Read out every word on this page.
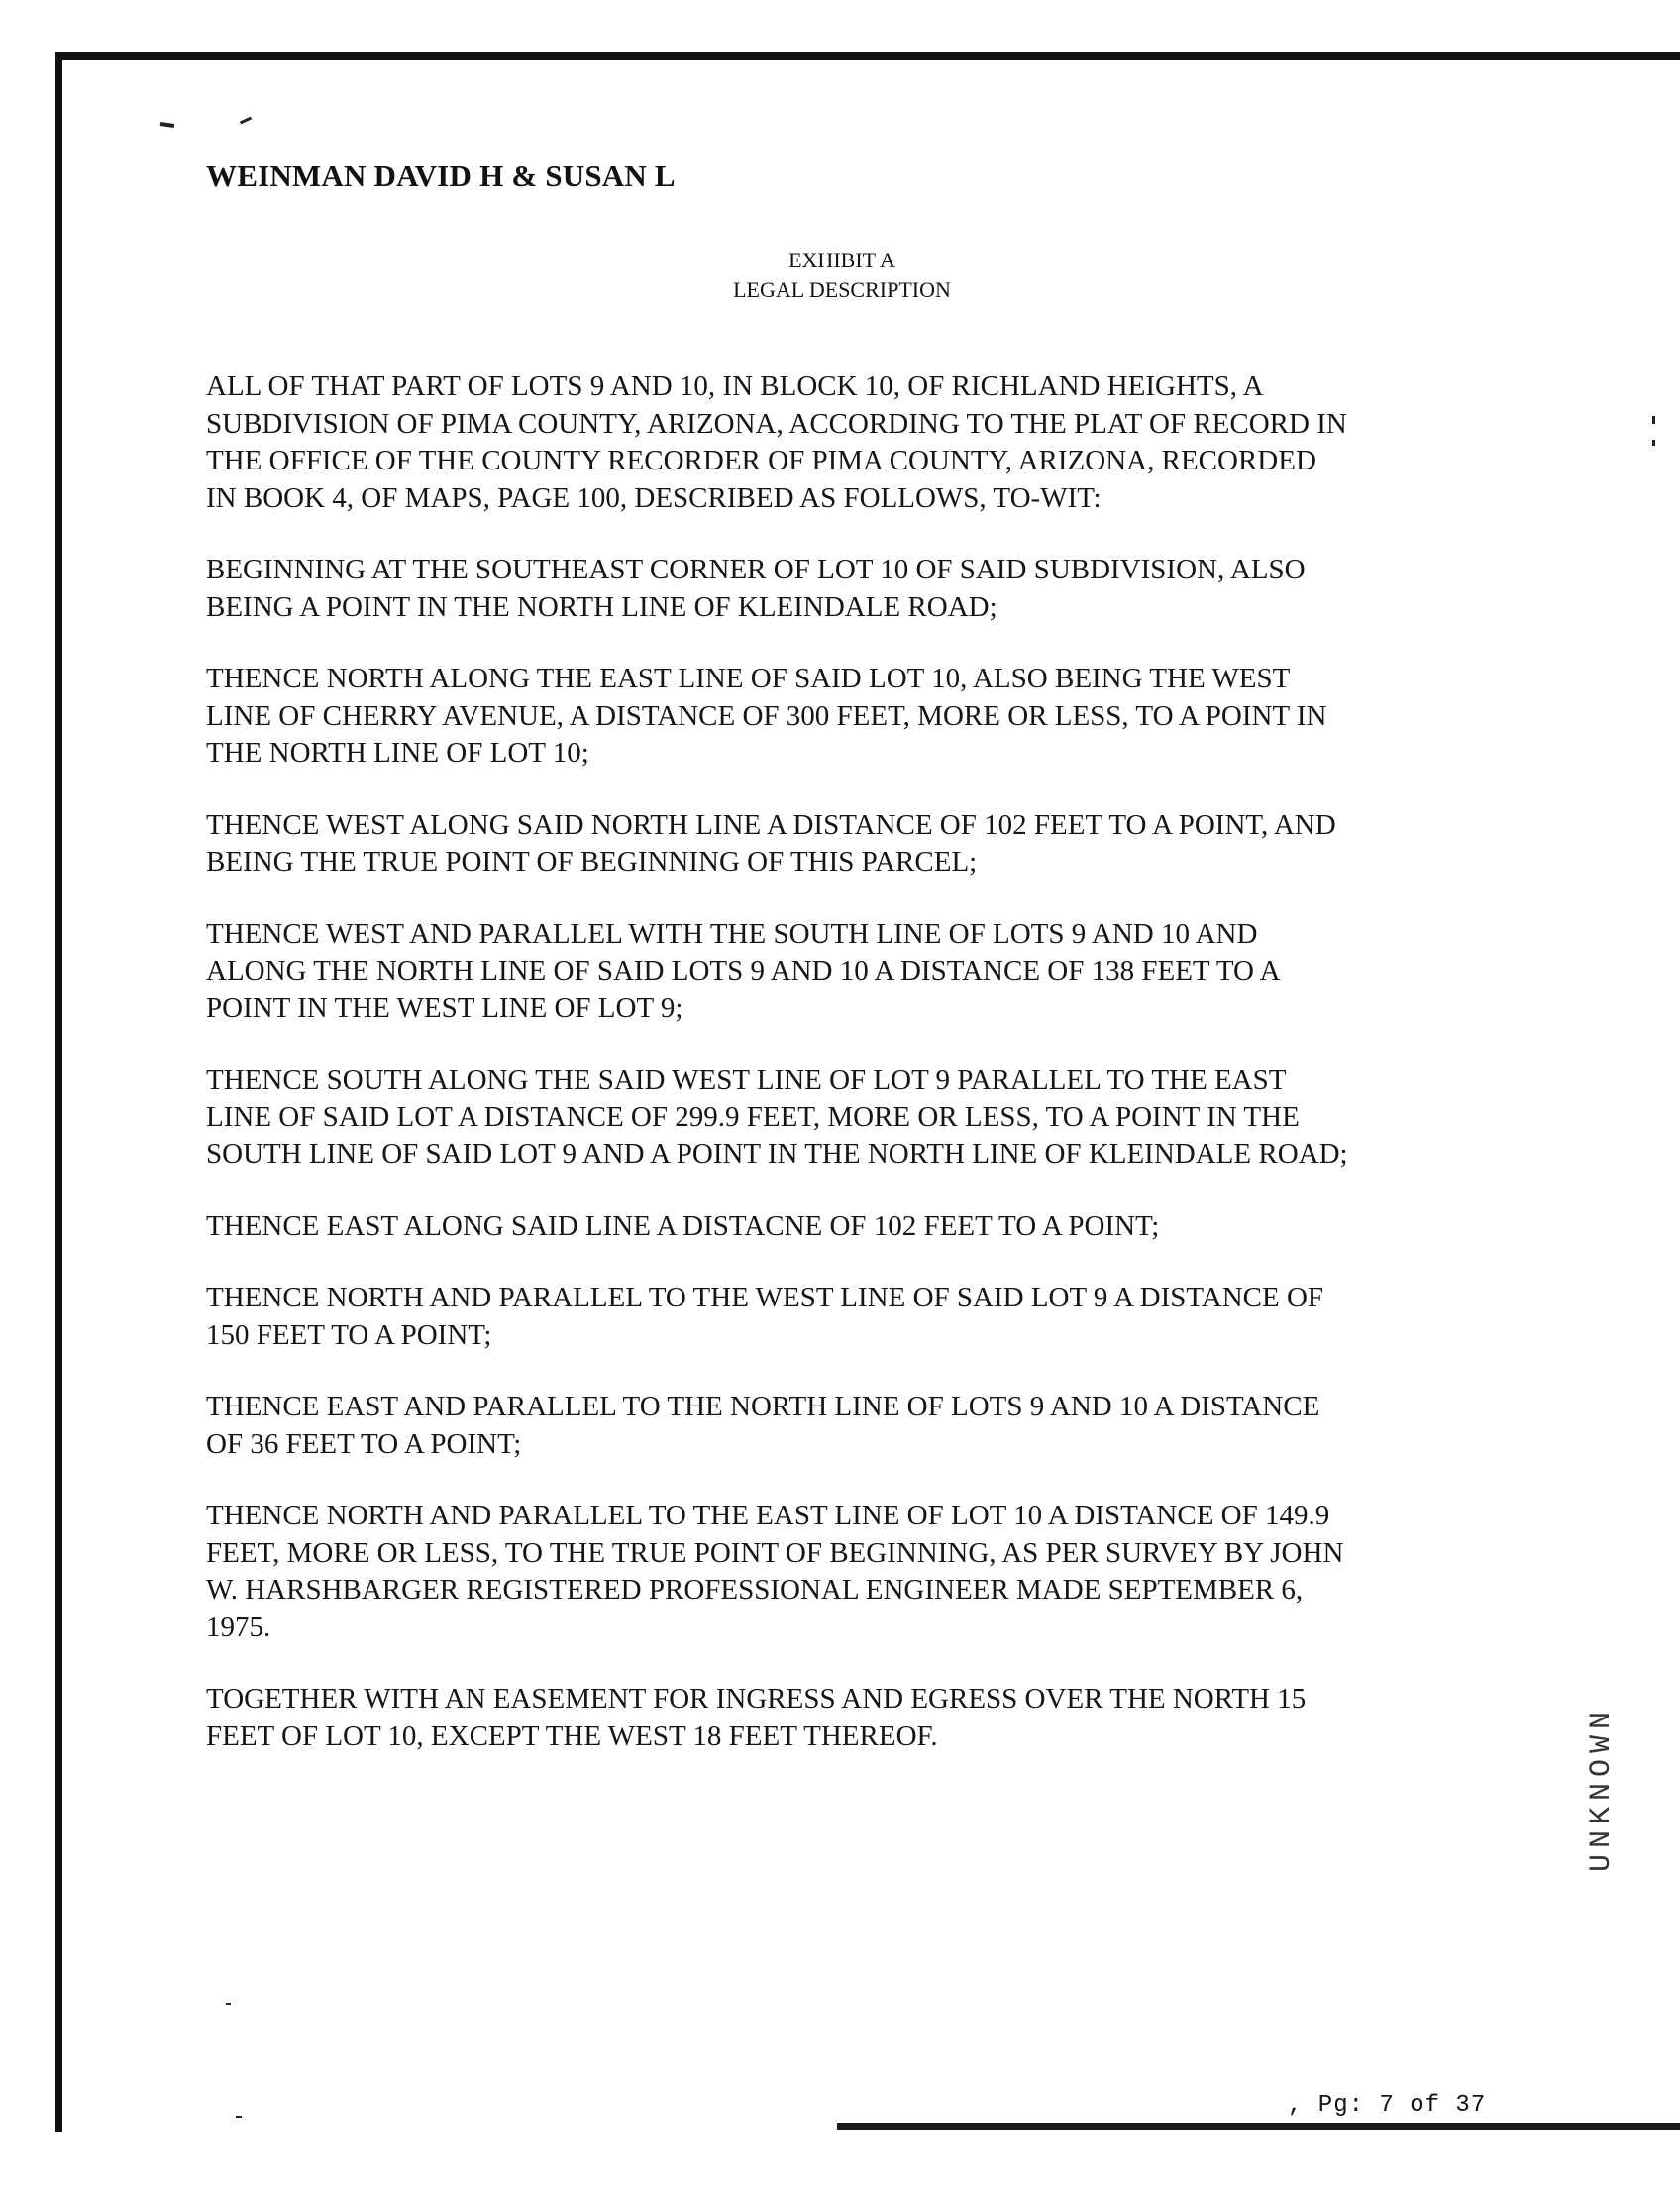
WEINMAN DAVID H & SUSAN L
EXHIBIT A
LEGAL DESCRIPTION

ALL OF THAT PART OF LOTS 9 AND 10, IN BLOCK 10, OF RICHLAND HEIGHTS, A
SUBDIVISION OF PIMA COUNTY, ARIZONA, ACCORDING TO THE PLAT OF RECORD IN
THE OFFICE OF THE COUNTY RECORDER OF PIMA COUNTY, ARIZONA, RECORDED
IN BOOK 4, OF MAPS, PAGE 100, DESCRIBED AS FOLLOWS, TO-WIT:

BEGINNING AT THE SOUTHEAST CORNER OF LOT 10 OF SAID SUBDIVISION, ALSO
BEING A POINT IN THE NORTH LINE OF KLEINDALE ROAD;

THENCE NORTH ALONG THE EAST LINE OF SAID LOT 10, ALSO BEING THE WEST
LINE OF CHERRY AVENUE, A DISTANCE OF 300 FEET, MORE OR LESS, TO A POINT IN
THE NORTH LINE OF LOT 10;

THENCE WEST ALONG SAID NORTH LINE A DISTANCE OF 102 FEET TO A POINT, AND
BEING THE TRUE POINT OF BEGINNING OF THIS PARCEL;

THENCE WEST AND PARALLEL WITH THE SOUTH LINE OF LOTS 9 AND 10 AND
ALONG THE NORTH LINE OF SAID LOTS 9 AND 10 A DISTANCE OF 138 FEET TO A
POINT IN THE WEST LINE OF LOT 9;

THENCE SOUTH ALONG THE SAID WEST LINE OF LOT 9 PARALLEL TO THE EAST
LINE OF SAID LOT A DISTANCE OF 299.9 FEET, MORE OR LESS, TO A POINT IN THE
SOUTH LINE OF SAID LOT 9 AND A POINT IN THE NORTH LINE OF KLEINDALE ROAD;

THENCE EAST ALONG SAID LINE A DISTACNE OF 102 FEET TO A POINT;

THENCE NORTH AND PARALLEL TO THE WEST LINE OF SAID LOT 9 A DISTANCE OF
150 FEET TO A POINT;

THENCE EAST AND PARALLEL TO THE NORTH LINE OF LOTS 9 AND 10 A DISTANCE
OF 36 FEET TO A POINT;

THENCE NORTH AND PARALLEL TO THE EAST LINE OF LOT 10 A DISTANCE OF 149.9
FEET, MORE OR LESS, TO THE TRUE POINT OF BEGINNING, AS PER SURVEY BY JOHN
W. HARSHBARGER REGISTERED PROFESSIONAL ENGINEER MADE SEPTEMBER 6,
1975.

TOGETHER WITH AN EASEMENT FOR INGRESS AND EGRESS OVER THE NORTH 15
FEET OF LOT 10, EXCEPT THE WEST 18 FEET THEREOF.

, Pg: 7 of 37
UNKNOWN
